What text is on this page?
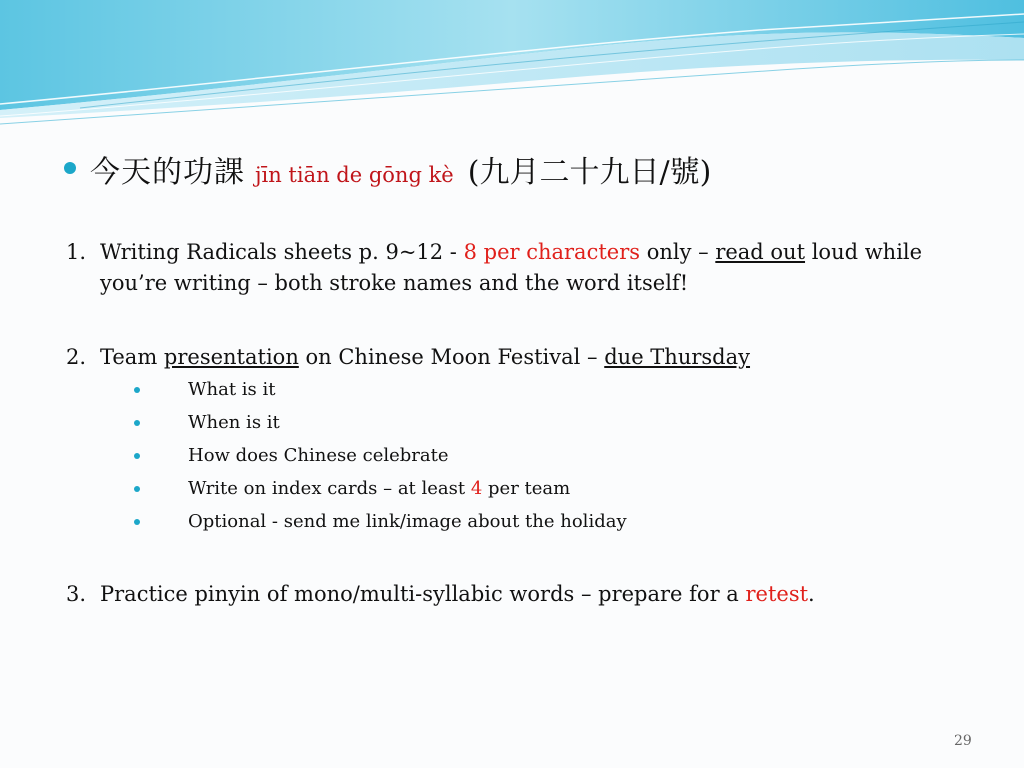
今天的功課 jīn tiān de gōng kè ( 九月二十九日 / 號 )
1. Writing Radicals sheets p. 9~12 - 8 per characters only – read out loud while you’re writing – both stroke names and the word itself!
2. Team presentation on Chinese Moon Festival – due Thursday
What is it
When is it
How does Chinese celebrate
Write on index cards – at least 4 per team
Optional - send me link/image about the holiday
3. Practice pinyin of mono/multi-syllabic words – prepare for a retest.
29
